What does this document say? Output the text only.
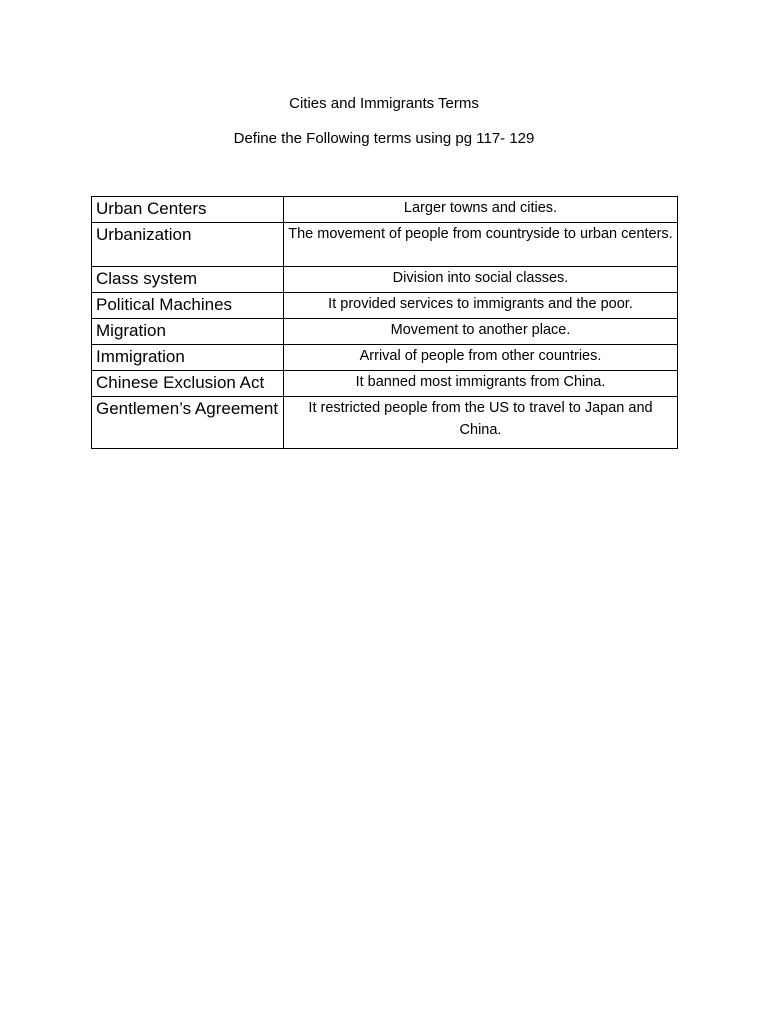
Cities and Immigrants Terms
Define the Following terms using pg 117- 129
Urban Centers	Larger towns and cities.
Urbanization	The movement of people from countryside to urban centers.
Class system	Division into social classes.
Political Machines	It provided services to immigrants and the poor.
Migration	Movement to another place.
Immigration	Arrival of people from other countries.
Chinese Exclusion Act	It banned most immigrants from China.
Gentlemen’s Agreement	It restricted people from the US to travel to Japan and China.
